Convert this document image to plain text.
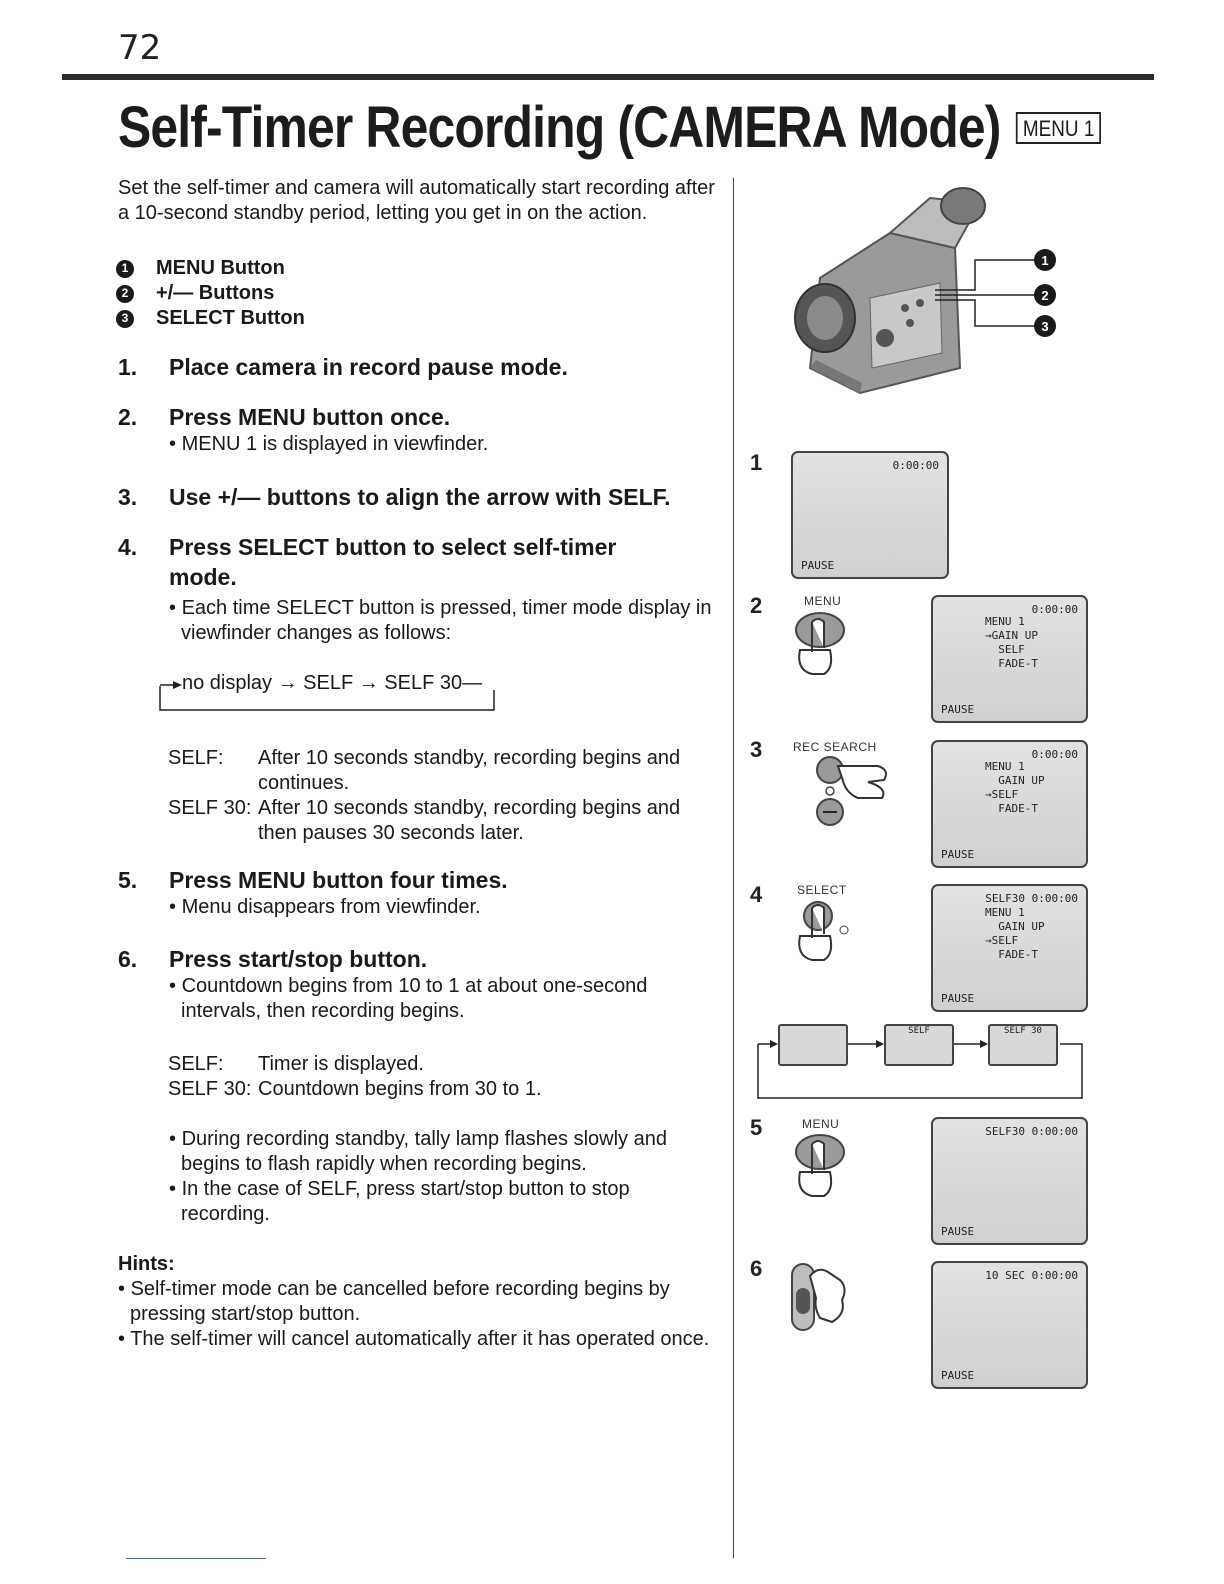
72
Self-Timer Recording (CAMERA Mode) MENU 1

Set the self-timer and camera will automatically start recording after a 10-second standby period, letting you get in on the action.

1 MENU Button
2 +/— Buttons
3 SELECT Button
1.	Place camera in record pause mode.
2.	Press MENU button once.
• MENU 1 is displayed in viewfinder.
3.	Use +/— buttons to align the arrow with SELF.
4.	Press SELECT button to select self-timer mode.
• Each time SELECT button is pressed, timer mode display in viewfinder changes as follows:
no display → SELF → SELF 30—
SELF:	After 10 seconds standby, recording begins and continues.
SELF 30: After 10 seconds standby, recording begins and then pauses 30 seconds later.
5.	Press MENU button four times.
• Menu disappears from viewfinder.
6.	Press start/stop button.
• Countdown begins from 10 to 1 at about one-second intervals, then recording begins.
SELF:	Timer is displayed.
SELF 30: Countdown begins from 30 to 1.
• During recording standby, tally lamp flashes slowly and begins to flash rapidly when recording begins.
• In the case of SELF, press start/stop button to stop recording.
Hints:
• Self-timer mode can be cancelled before recording begins by pressing start/stop button.
• The self-timer will cancel automatically after it has operated once.
1
2
3
1	0:00:00
PAUSE
2	MENU
0:00:00
MENU 1
→GAIN UP
SELF
FADE-T
PAUSE
3	REC SEARCH
0:00:00
MENU 1
GAIN UP
→SELF
FADE-T
PAUSE
4	SELECT
SELF30 0:00:00
MENU 1
GAIN UP
→SELF
FADE-T
PAUSE
SELF	SELF 30
5	MENU
SELF30 0:00:00
PAUSE
6	10 SEC 0:00:00
PAUSE
